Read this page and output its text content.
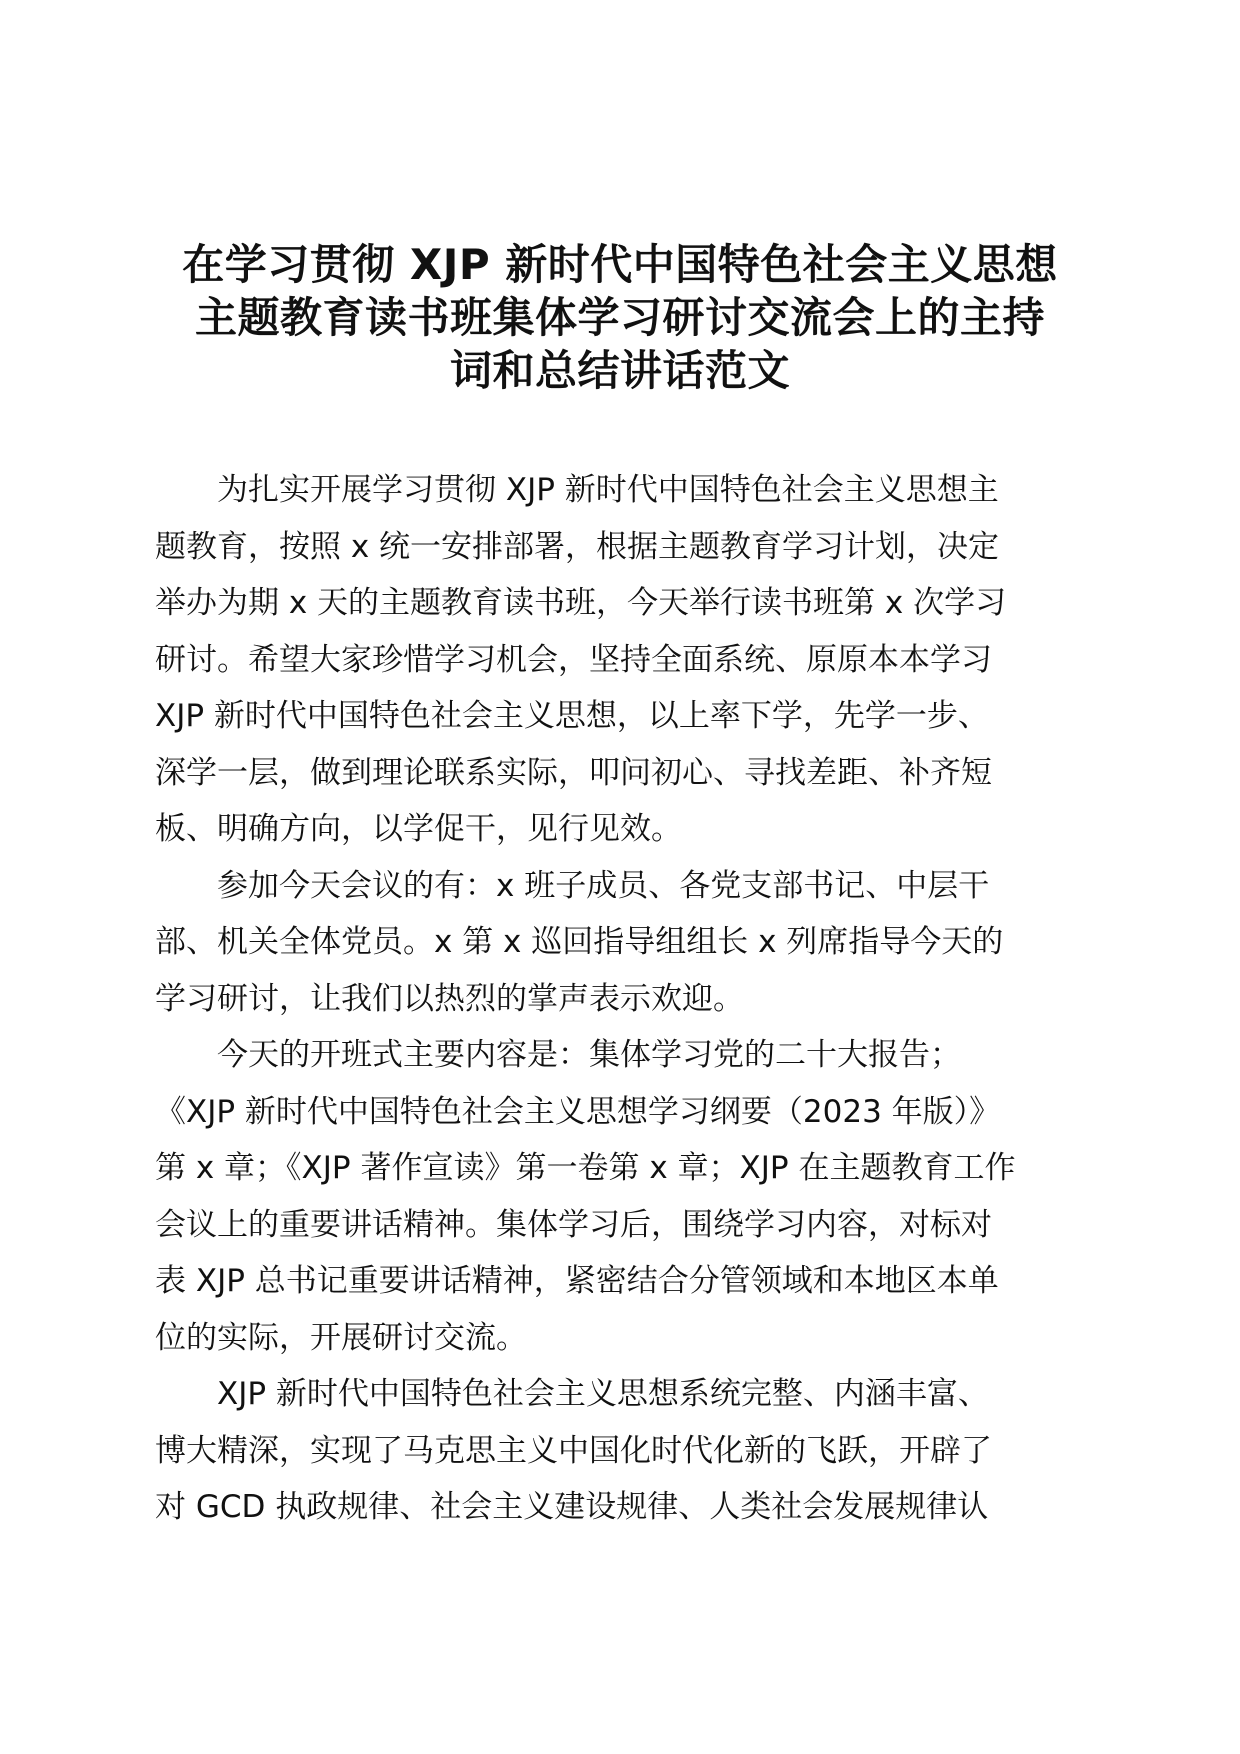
在学习贯彻 XJP 新时代中国特色社会主义思想
主题教育读书班集体学习研讨交流会上的主持
词和总结讲话范文

为扎实开展学习贯彻 XJP 新时代中国特色社会主义思想主
题教育，按照 x 统一安排部署，根据主题教育学习计划，决定
举办为期 x 天的主题教育读书班，今天举行读书班第 x 次学习
研讨。希望大家珍惜学习机会，坚持全面系统、原原本本学习
XJP 新时代中国特色社会主义思想，以上率下学，先学一步、
深学一层，做到理论联系实际，叩问初心、寻找差距、补齐短
板、明确方向，以学促干，见行见效。

参加今天会议的有：x 班子成员、各党支部书记、中层干
部、机关全体党员。x 第 x 巡回指导组组长 x 列席指导今天的
学习研讨，让我们以热烈的掌声表示欢迎。

今天的开班式主要内容是：集体学习党的二十大报告；
《XJP 新时代中国特色社会主义思想学习纲要（2023 年版）》
第 x 章；《XJP 著作宣读》第一卷第 x 章；XJP 在主题教育工作
会议上的重要讲话精神。集体学习后，围绕学习内容，对标对
表 XJP 总书记重要讲话精神，紧密结合分管领域和本地区本单
位的实际，开展研讨交流。

XJP 新时代中国特色社会主义思想系统完整、内涵丰富、
博大精深，实现了马克思主义中国化时代化新的飞跃，开辟了
对 GCD 执政规律、社会主义建设规律、人类社会发展规律认
